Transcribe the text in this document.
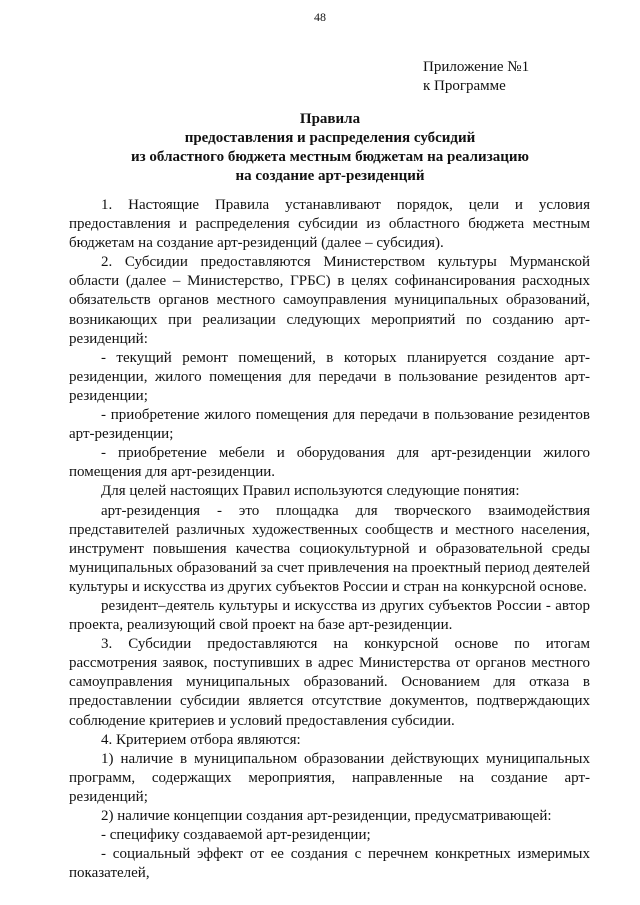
48
Приложение №1
к Программе
Правила
предоставления и распределения субсидий
из областного бюджета местным бюджетам на реализацию
на создание арт-резиденций

1. Настоящие Правила устанавливают порядок, цели и условия предоставления и распределения субсидии из областного бюджета местным бюджетам на создание арт-резиденций (далее – субсидия).

2. Субсидии предоставляются Министерством культуры Мурманской области (далее – Министерство, ГРБС) в целях софинансирования расходных обязательств органов местного самоуправления муниципальных образований, возникающих при реализации следующих мероприятий по созданию арт-резиденций:

- текущий ремонт помещений, в которых планируется создание арт-резиденции, жилого помещения для передачи в пользование резидентов арт-резиденции;

- приобретение жилого помещения для передачи в пользование резидентов арт-резиденции;

- приобретение мебели и оборудования для арт-резиденции жилого помещения для арт-резиденции.

Для целей настоящих Правил используются следующие понятия:

арт-резиденция - это площадка для творческого взаимодействия представителей различных художественных сообществ и местного населения, инструмент повышения качества социокультурной и образовательной среды муниципальных образований за счет привлечения на проектный период деятелей культуры и искусства из других субъектов России и стран на конкурсной основе.

резидент–деятель культуры и искусства из других субъектов России - автор проекта, реализующий свой проект на базе арт-резиденции.

3. Субсидии предоставляются на конкурсной основе по итогам рассмотрения заявок, поступивших в адрес Министерства от органов местного самоуправления муниципальных образований. Основанием для отказа в предоставлении субсидии является отсутствие документов, подтверждающих соблюдение критериев и условий предоставления субсидии.

4. Критерием отбора являются:

1) наличие в муниципальном образовании действующих муниципальных программ, содержащих мероприятия, направленные на создание арт-резиденций;

2) наличие концепции создания арт-резиденции, предусматривающей:

- специфику создаваемой арт-резиденции;

- социальный эффект от ее создания с перечнем конкретных измеримых показателей,
